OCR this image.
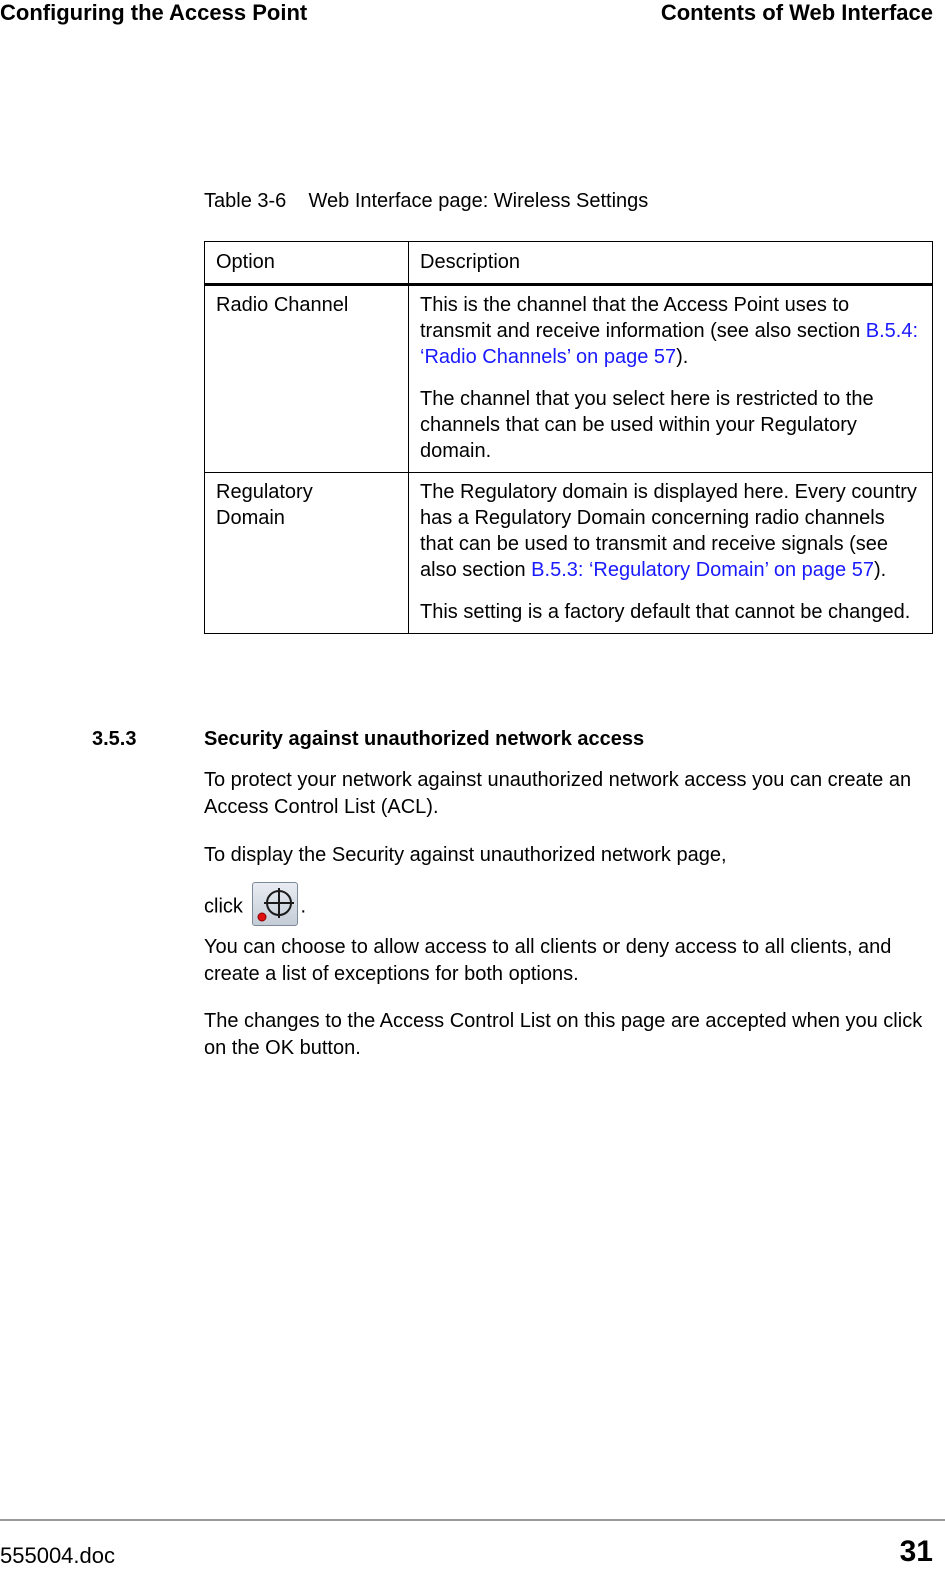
Configuring the Access Point	Contents of Web Interface
Table 3-6    Web Interface page: Wireless Settings
Option	Description
Radio Channel	This is the channel that the Access Point uses to transmit and receive information (see also section B.5.4: ‘Radio Channels’ on page 57).

The channel that you select here is restricted to the channels that can be used within your Regulatory domain.

Regulatory Domain	The Regulatory domain is displayed here. Every country has a Regulatory Domain concerning radio channels that can be used to transmit and receive signals (see also section B.5.3: ‘Regulatory Domain’ on page 57).

This setting is a factory default that cannot be changed.

3.5.3	Security against unauthorized network access
To protect your network against unauthorized network access you can create an Access Control List (ACL).
To display the Security against unauthorized network page,

click	.

You can choose to allow access to all clients or deny access to all clients, and create a list of exceptions for both options.
The changes to the Access Control List on this page are accepted when you click on the OK button.
555004.doc	31
